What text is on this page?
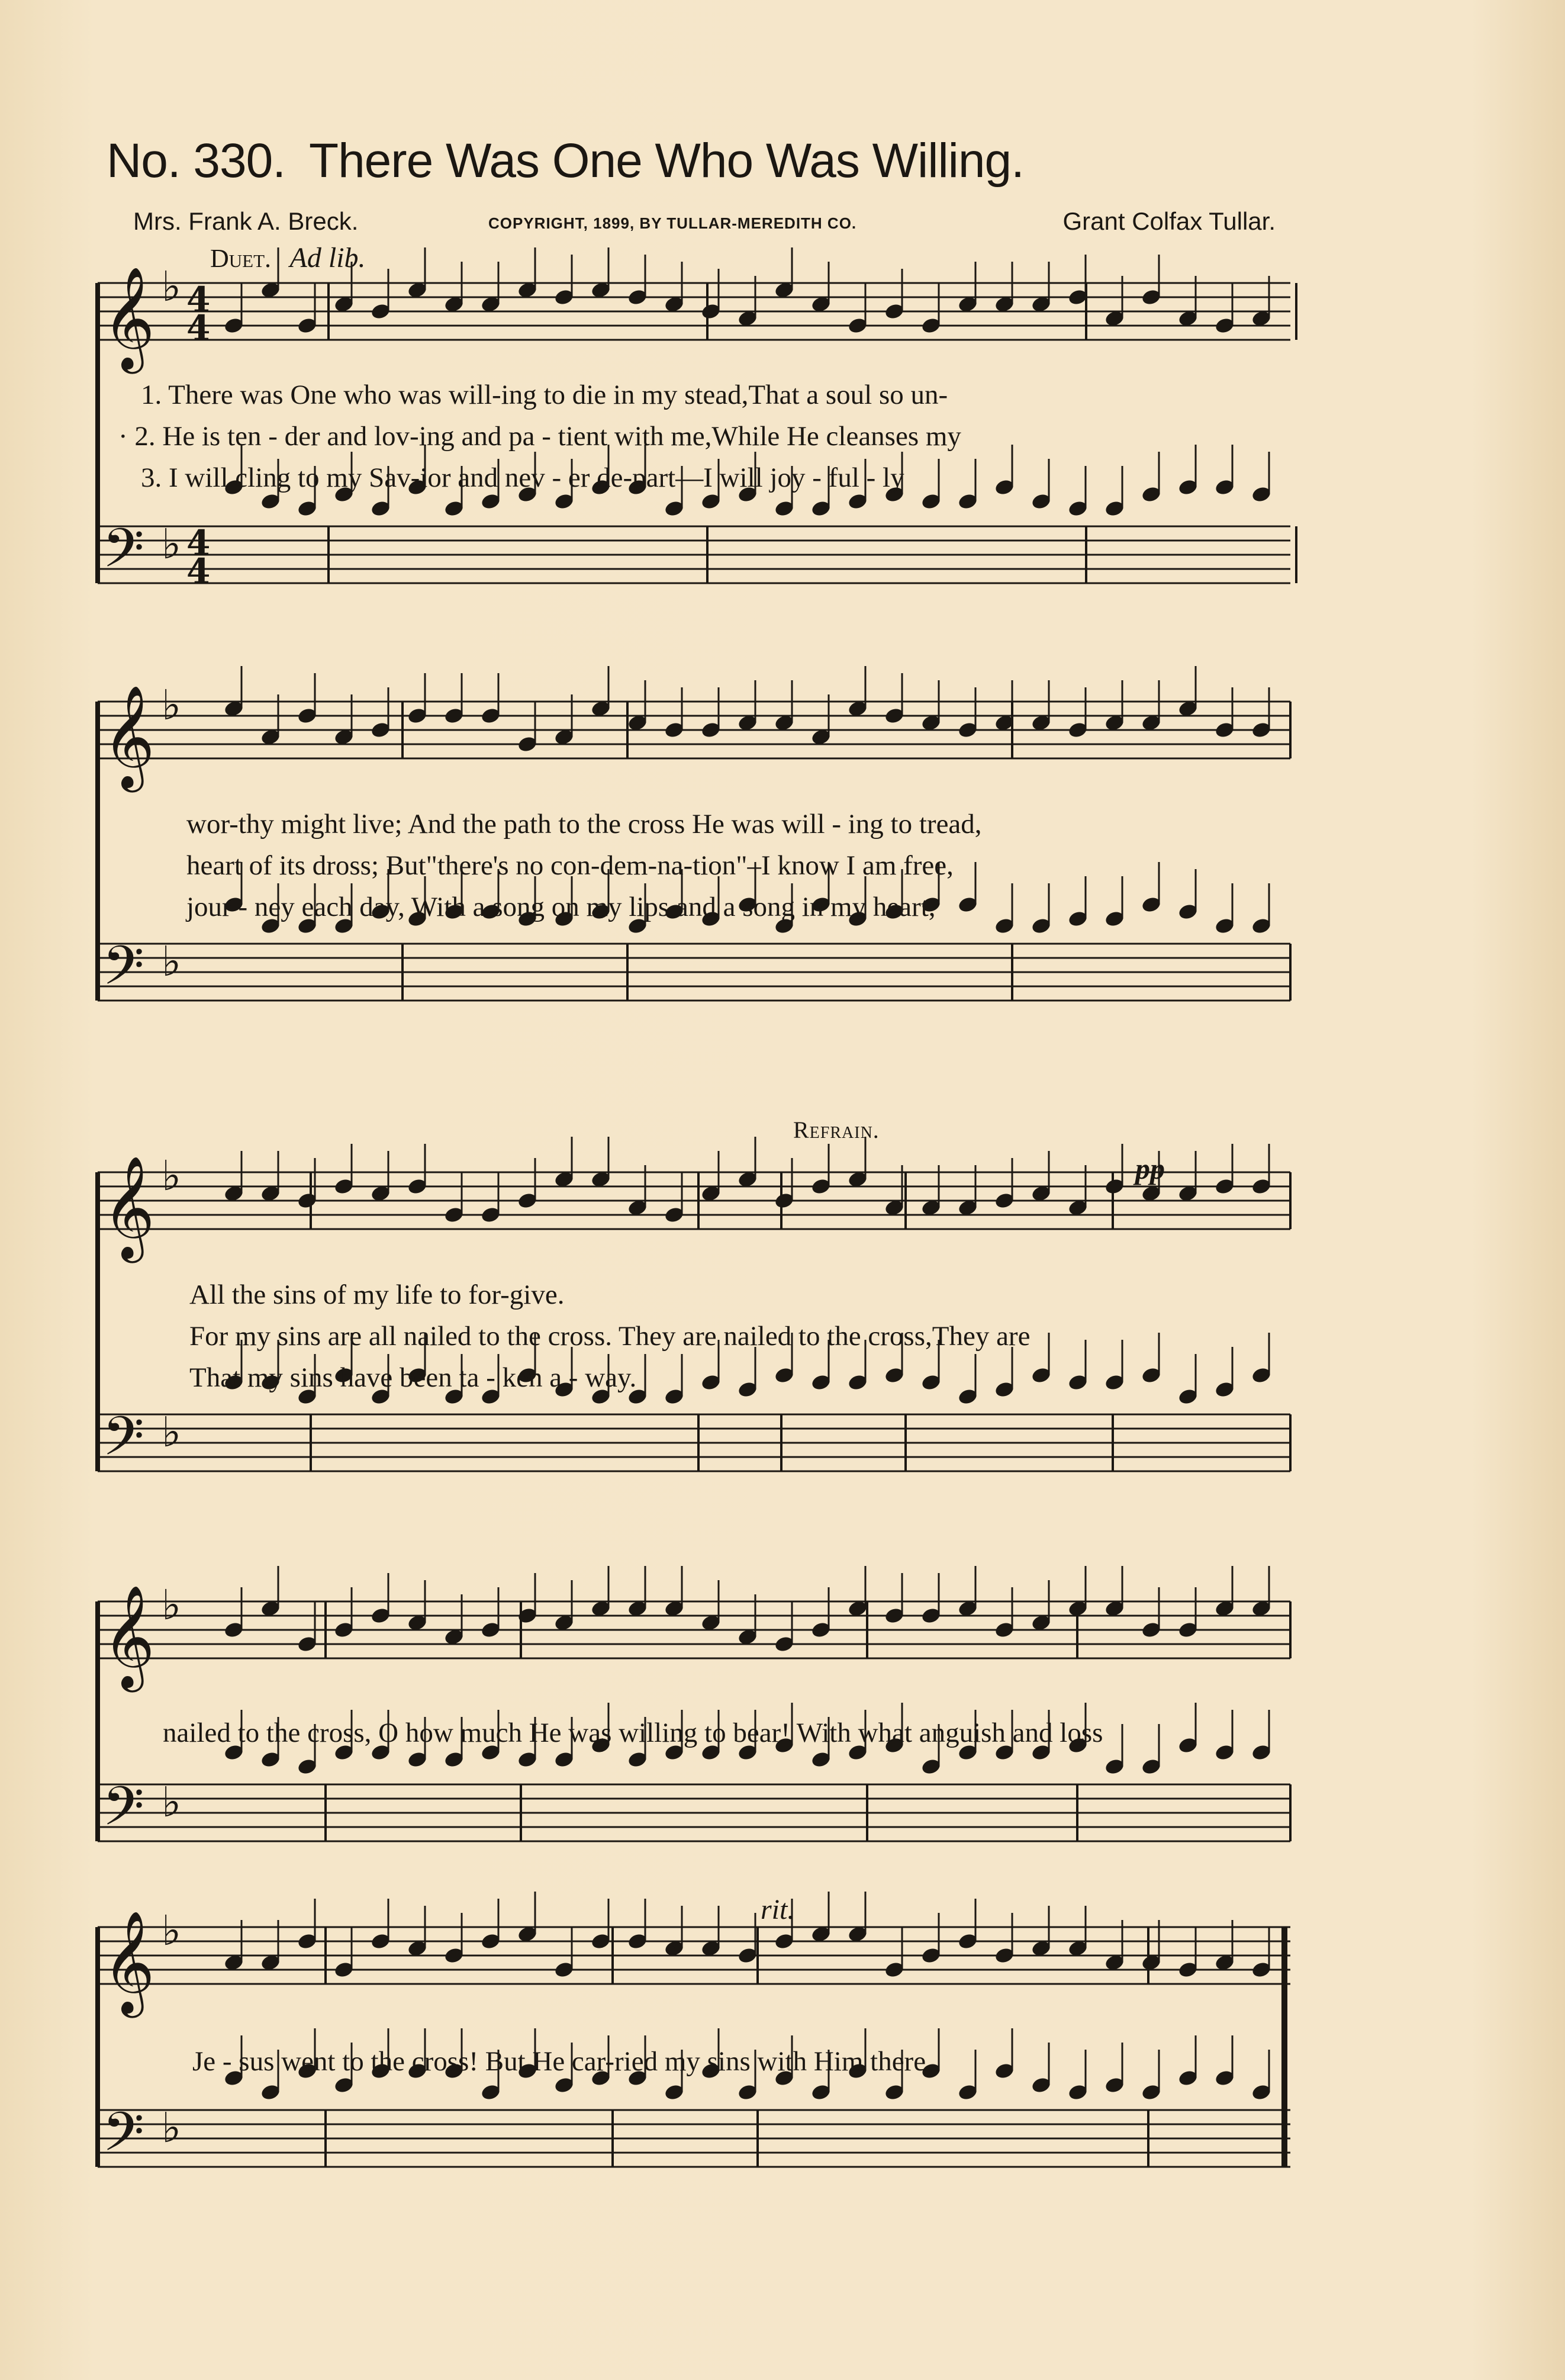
No. 330. There Was One Who Was Willing.
Mrs. Frank A. Breck.	COPYRIGHT, 1899, BY TULLAR-MEREDITH CO.	Grant Colfax Tullar.
Duet. Ad lib.
Refrain.
pp
rit.
𝄞 ♭ 4
4
𝄢 ♭ 4
4
𝄞 ♭
𝄢 ♭
𝄞 ♭
𝄢 ♭
𝄞 ♭
𝄢 ♭
𝄞 ♭
𝄢 ♭
1. There was One who was will-ing to die in my stead,That a soul so un-
· 2. He is ten - der and lov-ing and pa - tient with me,While He cleanses my
3. I will cling to my Sav-ior and nev - er de-part—I will joy - ful - ly
wor-thy might live; And the path to the cross He was will - ing to tread,
heart of its dross; But"there's no con-dem-na-tion"–I know I am free,
jour - ney each day, With a song on my lips and a song in my heart,
All the sins of my life to for-give.
For my sins are all nailed to the cross. They are nailed to the cross,They are
That my sins have been ta - ken a - way.
nailed to the cross, O how much He was willing to bear! With what anguish and loss
Je - sus went to the cross! But He car-ried my sins with Him there.
